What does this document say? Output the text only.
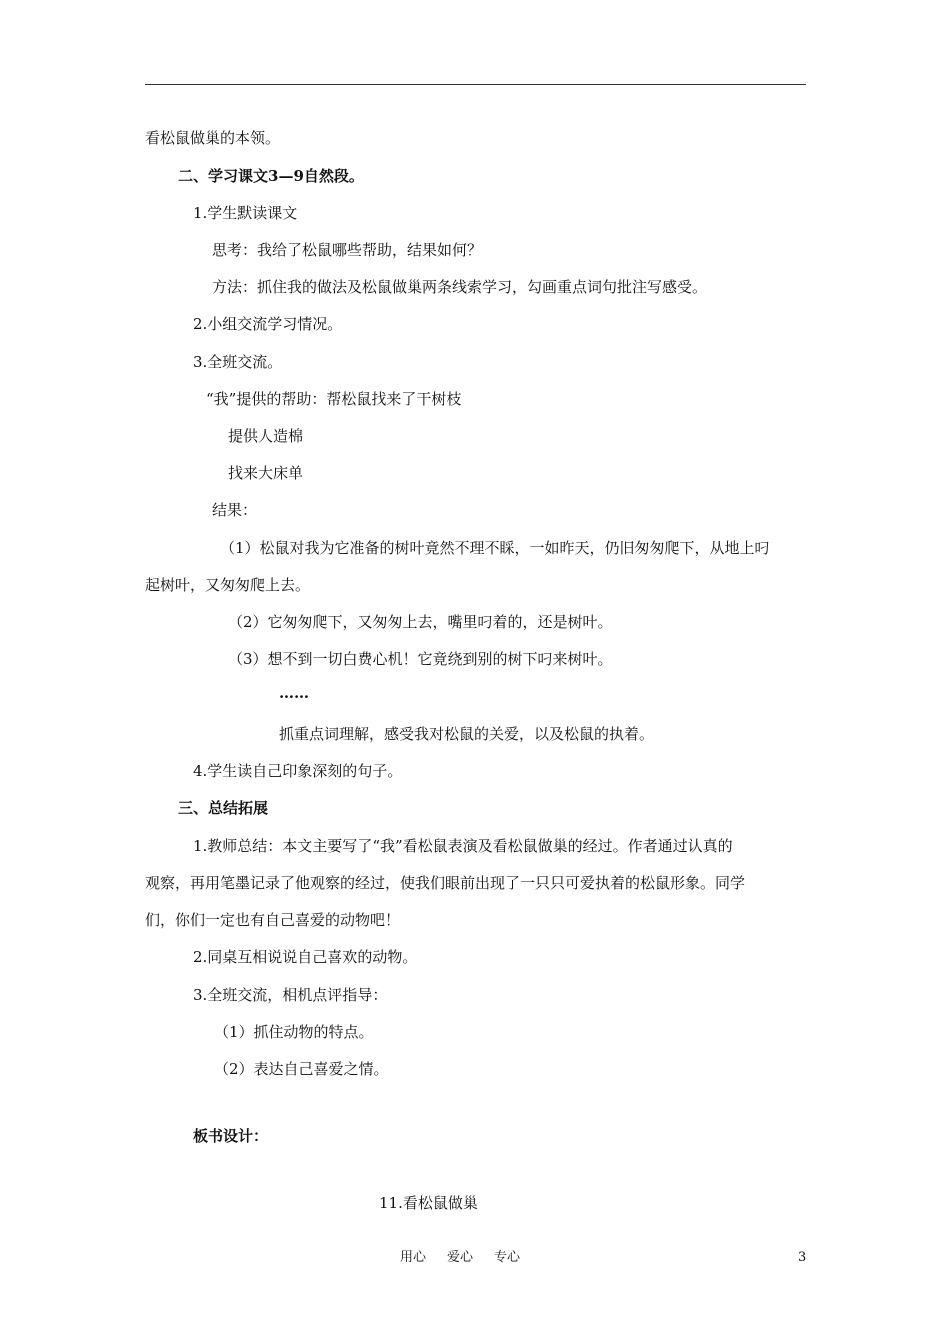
看松鼠做巢的本领。
二、学习课文3—9自然段。
1.学生默读课文
思考：我给了松鼠哪些帮助，结果如何？
方法：抓住我的做法及松鼠做巢两条线索学习，勾画重点词句批注写感受。
2.小组交流学习情况。
3.全班交流。
“我”提供的帮助：帮松鼠找来了干树枝
提供人造棉
找来大床单
结果：
（1）松鼠对我为它准备的树叶竟然不理不睬，一如昨天，仍旧匆匆爬下，从地上叼
起树叶，又匆匆爬上去。
（2）它匆匆爬下，又匆匆上去，嘴里叼着的，还是树叶。
（3）想不到一切白费心机！它竟绕到别的树下叼来树叶。
……
抓重点词理解，感受我对松鼠的关爱，以及松鼠的执着。
4.学生读自己印象深刻的句子。
三、总结拓展
1.教师总结：本文主要写了“我”看松鼠表演及看松鼠做巢的经过。作者通过认真的
观察，再用笔墨记录了他观察的经过，使我们眼前出现了一只只可爱执着的松鼠形象。同学
们，你们一定也有自己喜爱的动物吧！
2.同桌互相说说自己喜欢的动物。
3.全班交流，相机点评指导：
（1）抓住动物的特点。
（2）表达自己喜爱之情。
板书设计：
11.看松鼠做巢
用心 爱心 专心	3
